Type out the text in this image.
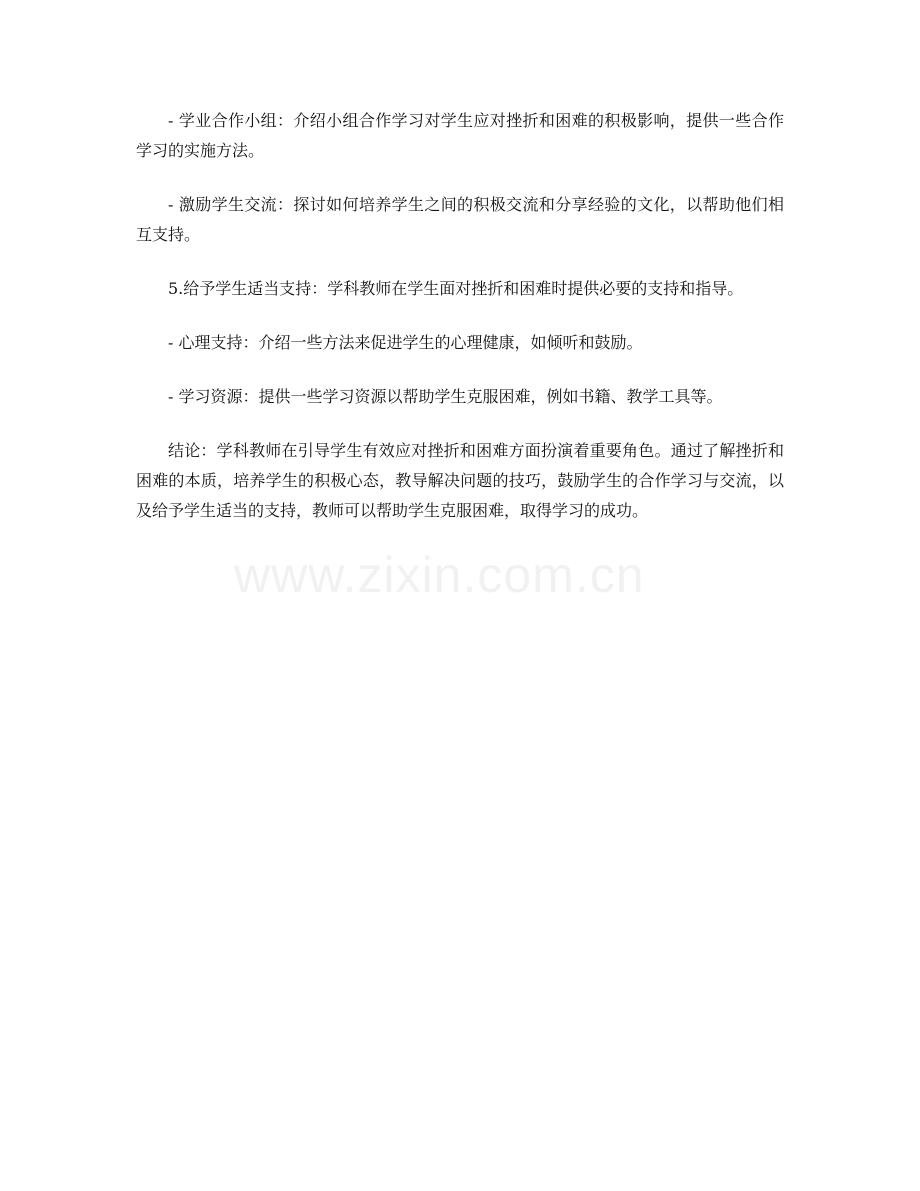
- 学业合作小组：介绍小组合作学习对学生应对挫折和困难的积极影响，提供一些合作学习的实施方法。

- 激励学生交流：探讨如何培养学生之间的积极交流和分享经验的文化，以帮助他们相互支持。

5.给予学生适当支持：学科教师在学生面对挫折和困难时提供必要的支持和指导。

- 心理支持：介绍一些方法来促进学生的心理健康，如倾听和鼓励。

- 学习资源：提供一些学习资源以帮助学生克服困难，例如书籍、教学工具等。

结论：学科教师在引导学生有效应对挫折和困难方面扮演着重要角色。通过了解挫折和困难的本质，培养学生的积极心态，教导解决问题的技巧，鼓励学生的合作学习与交流，以及给予学生适当的支持，教师可以帮助学生克服困难，取得学习的成功。

www.zixin.com.cn
